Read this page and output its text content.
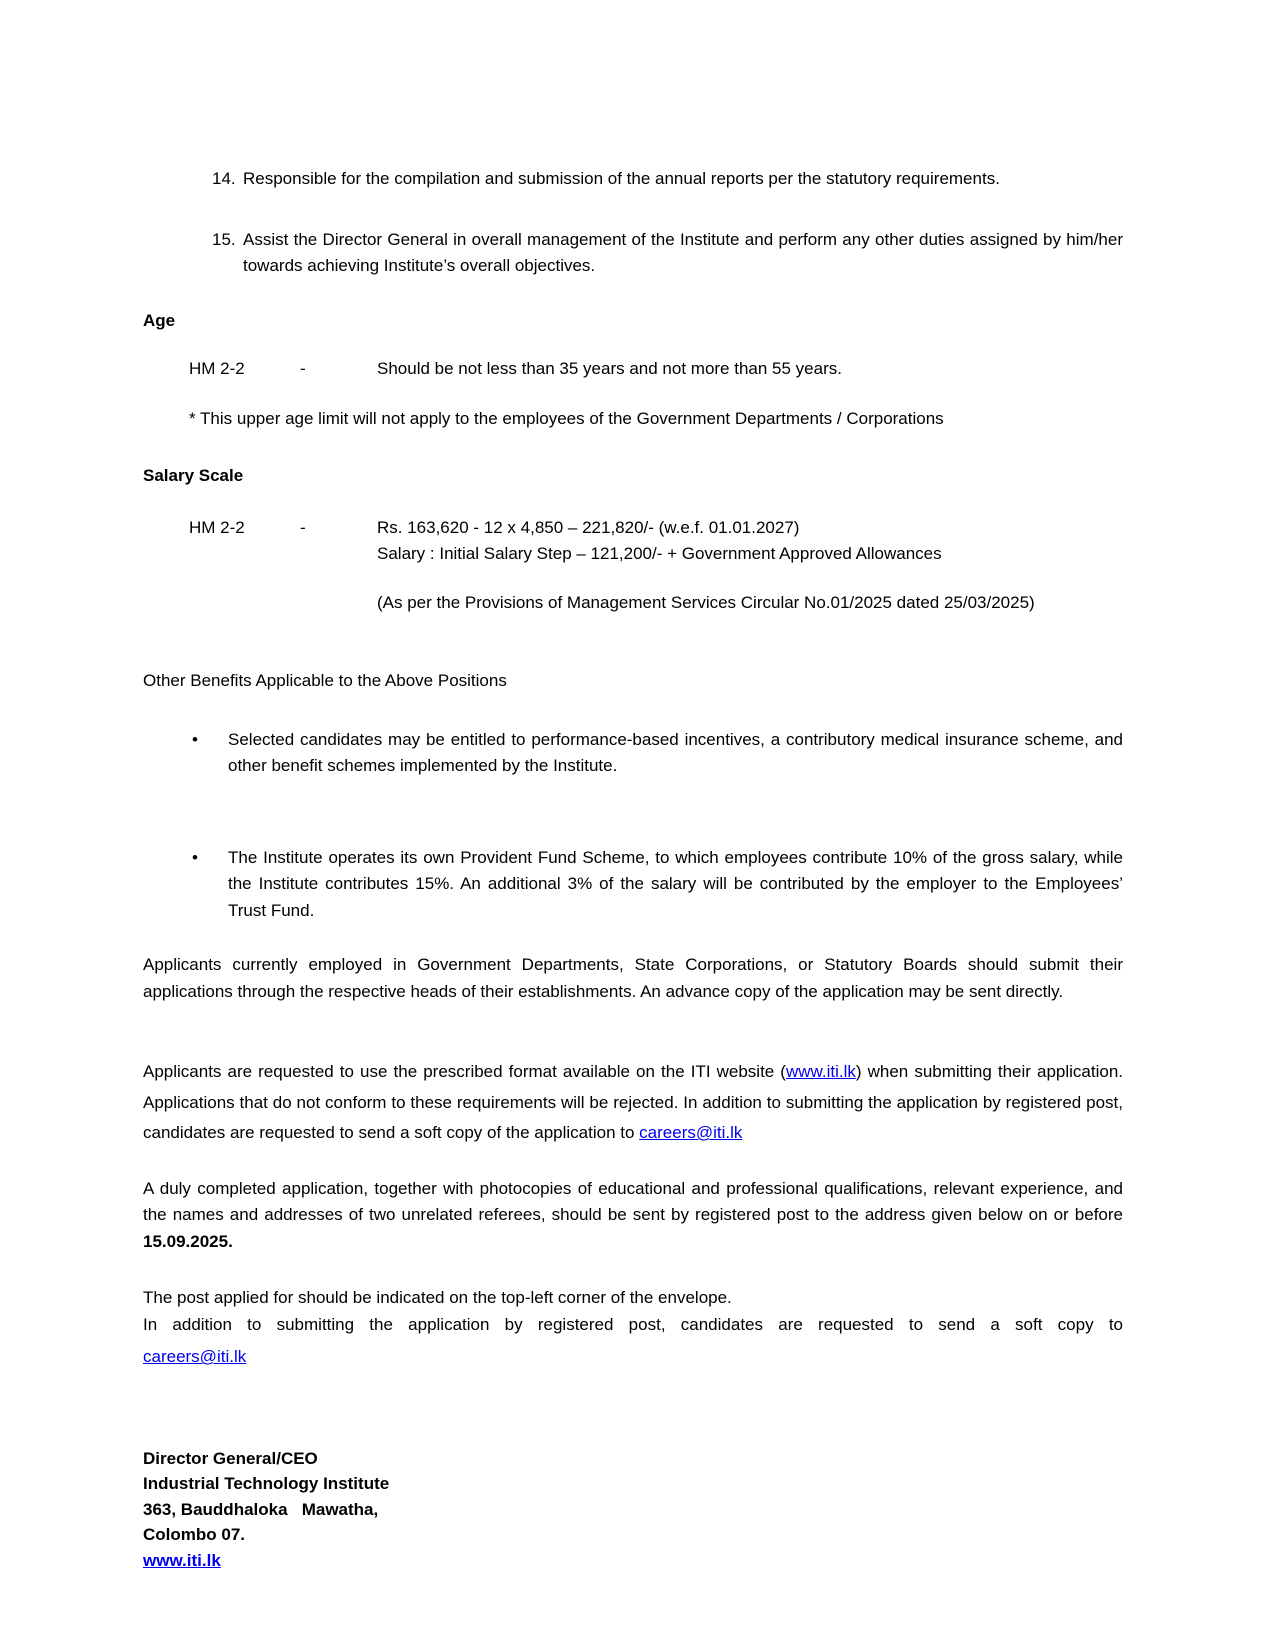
14. Responsible for the compilation and submission of the annual reports per the statutory requirements.
15. Assist the Director General in overall management of the Institute and perform any other duties assigned by him/her towards achieving Institute’s overall objectives.
Age
HM 2-2	-	Should be not less than 35 years and not more than 55 years.
* This upper age limit will not apply to the employees of the Government Departments / Corporations
Salary Scale
HM 2-2	-	Rs. 163,620 - 12 x 4,850 – 221,820/- (w.e.f. 01.01.2027)
Salary : Initial Salary Step – 121,200/- + Government Approved Allowances
(As per the Provisions of Management Services Circular No.01/2025 dated 25/03/2025)
Other Benefits Applicable to the Above Positions
•	Selected candidates may be entitled to performance-based incentives, a contributory medical insurance scheme, and other benefit schemes implemented by the Institute.
•	The Institute operates its own Provident Fund Scheme, to which employees contribute 10% of the gross salary, while the Institute contributes 15%. An additional 3% of the salary will be contributed by the employer to the Employees’ Trust Fund.
Applicants currently employed in Government Departments, State Corporations, or Statutory Boards should submit their applications through the respective heads of their establishments. An advance copy of the application may be sent directly.
Applicants are requested to use the prescribed format available on the ITI website (www.iti.lk) when submitting their application. Applications that do not conform to these requirements will be rejected. In addition to submitting the application by registered post, candidates are requested to send a soft copy of the application to careers@iti.lk
A duly completed application, together with photocopies of educational and professional qualifications, relevant experience, and the names and addresses of two unrelated referees, should be sent by registered post to the address given below on or before 15.09.2025.
The post applied for should be indicated on the top-left corner of the envelope.
In addition to submitting the application by registered post, candidates are requested to send a soft copy to
careers@iti.lk
Director General/CEO
Industrial Technology Institute
363, Bauddhaloka   Mawatha,
Colombo 07.
www.iti.lk
